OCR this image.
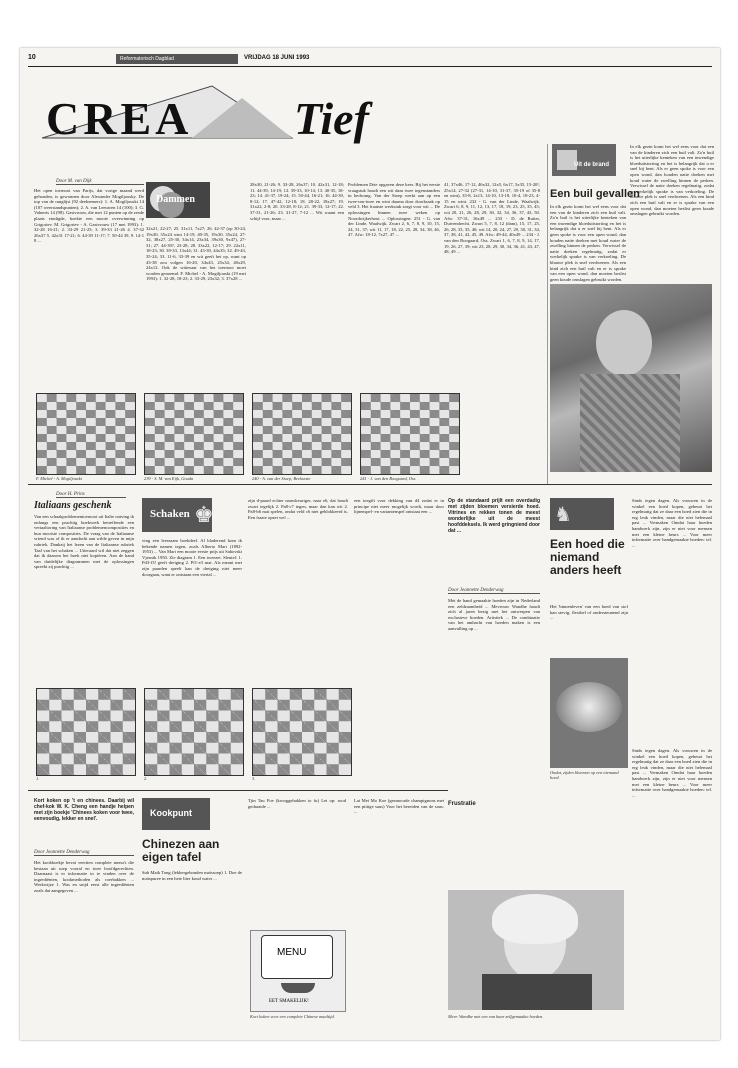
10	Reformatorisch Dagblad	VRIJDAG 18 JUNI 1993
CREA Tief
Door M. van Dijk
Het open toernooi van Parijs, dat vorige maand werd gehouden, is gewonnen door Alexander Mogiljousky. De top van de ranglijst (92 deelnemers): 1. A. Mogiljouski 14 (107 weerstandspunten); 2. A. van Leeuwen 14 (100); 3. G. Valneris 14 (98). Gastvrouw, die met 12 punten op de zesde plaats eindigde, boekte een mooie overwinning op Grigoriev. M. Grigoriev - A. Gastvrouw (17 mei 1993): 1. 32-28 16-21; 2. 33-29 21-25; 3. 39-33 21-26 4. 37-32 26x37 5. 42x31 17-21; 6. 44-39 11-17; 7. 50-44 39, 9. 14-1 8 ...
Dammen
32x21, 22-27; 25. 31x11, 7x27; 26. 42-37 (op 30-24, 19x30, 35x24 wint 14-19, 40-35, 19x30, 35x24, 27-32, 38x27, 25-30, 34x14, 23x34, 39x30, 9x47), 27-31; 27. 44-39?, 23-28; 28. 33x22, 12-17; 29. 22x11, 18-23; 30. 39-33, 13x44; 31. 43-39, 44x35; 32. 49-43, 35-24; 33. 11-6, 33-39 en wit geeft het op, want op 43-38 zou volgen 16-20, 34x43, 25x34, 40x29, 24x12. Ook de wittesaar van het toernooi moet worden genoemd. F. Michel - A. Mogiljouski (19 mei 1993): 1. 32-28, 18-23; 2. 33-29, 23x32; 3. 37x28 ...
28x30, 21-26; 9. 33-28, 26x37; 10. 42x31, 12-18; 11. 44-39, 14-19; 12. 39-33, 10-14; 13. 40-35, 18-23; 14. 41-37, 19-24; 15. 50-44, 16-21; 16. 44-39, 8-12; 17. 47-42, 12-18; 18. 28-22, 18x27; 19. 31x22, 2-8; 20. 33-28, 8-12; 21. 39-33, 12-17; 22. 37-31, 21-26; 23. 31-27, 7-12 ... Wit waant een schijf voor, maar ...
Problemen Drie opgaven deze keer. Bij het eerste vraagstuk houdt een wit dam twee tegenstanders in bedwang. Van der Stoep werkt aan op een twee-om-twee en wint daarna door doorbraak op veld 3. Het fraaiste werkstuk zorgt voor wit ... De oplossingen binnen twee weken op Noordwijkerhout ... Oplossingen: 251 - G. van der Linde, Waalwijk. Zwart 2, 6, 7, 8, 9, 10, 15, 24, 31, 37; wit 11, 17, 18, 22, 25, 28, 34, 38, 46, 47. Afw: 18-12, 7x27, 47 ...
41, 37x46, 17-12, 46x32, 12x5, 6x17, 5x35, 15-20!, 25x14, 27-32 (27-31, 14-10, 31-37, 35-19 of 35-8 en wint), 35-8, 2x13, 14-10, 13-18, 10-4, 18-23, 4-15 en wint. 232 - G. van der Linde, Waalwijk. Zwart 6, 8, 9, 11, 12, 13, 17, 18, 19, 23, 25, 35, 45; wit 20, 21, 26, 28, 29, 30, 32, 34, 36, 37, 43, 50. Afw: 37-31, 16x49 ... 233 - D. de Ruiter, Duivendrecht. Zwart 5, 7, 8, 12 (dam), 15, 17, 25, 26, 28, 33, 35, 40; wit 14, 20, 24, 27, 29, 30, 31, 34, 37, 38, 41, 42, 45, 49. Afw: 49-44, 40x49 ... 234 - J. van den Boogaard, Oss. Zwart 1, 6, 7, 8, 9, 14, 17, 19, 26, 27, 39; wit 23, 28, 29, 30, 34, 36, 41, 43, 47, 48, 49 ...
F. Michel - A. Mogiljouski	239 - S. M. van Eijk, Gouda	240 - A. van der Stoep, Beekseste	241 - J. van den Boogaard, Oss
Uit de brand
Een buil gevallen
In elk gezin komt het wel eens voor dat een van de kinderen zich een buil valt. Zo'n buil is het uiterlijke kenteken van een inwendige bloeduitstorting en het is belangrijk dat u er snel bij bent. Als er geen spoke is voor een open wond, dan houden natte doeken met koud water de zwelling binnen de perken. Verwissel de natte doeken regelmatig, zodat er werkelijk sprake is van verkoeling. De blauwe plek is snel verdwenen. Als een kind zich een buil valt en er is sprake van een open wond, dan moeten beslist geen koude omslagen gebruikt worden.
In elk gezin komt het wel eens voor dat een van de kinderen zich een buil valt. Zo'n buil is het uiterlijke kenteken van een inwendige bloeduitstorting en het is belangrijk dat u er snel bij bent. Als er geen spoke is voor een open wond, dan houden natte doeken met koud water de zwelling binnen de perken. Verwissel de natte doeken regelmatig, zodat er werkelijk sprake is van verkoeling. De blauwe plek is snel verdwenen. Als een kind zich een buil valt en er is sprake van een open wond, dan moeten beslist geen koude omslagen gebruikt worden.
Door H. Prins
Italiaans geschenk
Van een schaakproblementoernooi uit Italie ontving ik onlangs een prachtig boekwerk betreffende een vertaaltoring van Italiaanse problemencomposities en hun mooiste composities. De vraag van de Italiaanse vriend was of ik er aandacht aan wilde geven in mijn rubriek. Dankzij het lezen van de Italiaanse rubriek Taal van het schaken ... Uiteraard wil dat niet zeggen dat ik daarom het boek niet kopiëren. Aan de hand van duidelijke diagrammen met de oplossingen spreekt zij prachtig ...
Schaken ♚
ving een leerzaam boekdeel. Al bladerend kom ik bekende namen tegen, zoals Alberto Mari (1892-1953) ... Van Mari een mooie eerste prijs uit Sahovski Vjesnik 1950. Zie diagram 1. Een tweezet. Sleutel: 1. Pd3-f3! geeft dreiging 2. Pf1-e3 mat. Als meant met zijn paarden speelt kan de dreiging niet meer doorgaan, want er ontstaan een viertal ...
zijn d-paard echter nauwkeuriger, naar e6, dat houdt zwart tegelijk 2. Pa8-c7 tegen, maar dan kan wit 2. Pa8-b6 mat spelen, ondat veld c6 niet geblokkeerd is. Een fraaie opzet wel ...
een toegift voor dekking van d4 zodat er in principe niet meer mogelijk wordt, maar door lijnenspel- en variantenspel ontstaat een ...
1.	2.	3.
Op de standaard prijlt een overdadig met zijden bloemen versierde hoed. Vitrines en rekken tonen de meest wonderlijke uit de meest hoofddeksels. Ik werd gringniend door dat ...
Door Jeannette Denderwag
Met de hand gemaakte hoeden zijn in Nederland een zeldzaamheid ... Mevrouw Wandhe houdt zich al jaren bezig met het ontwerpen van exclusieve hoeden. Artistiek ... De combinatie van het ambacht van hoeden maken is een aanvulling op ...
♞
Een hoed die niemand anders heeft
Het 'binnenleven' van een hoed van stof kan stevig, flexibel of ondersteunend zijn ...
Sinds tegen dagen. Als vrouwen in de winkel een hoed kopen, gebeurt het regelmatig dat ze daar een hoed zien die in erg leuk vinden, maar die niet helemaal past ... Vermaken Omdat haar hoeden handwerk zijn, zijn er niet voor mensen met een kleine beurs ... Voor meer informatie over handgemaakte hoeden: tel. ...
Ondat, zijden bloemen op een niemand hoed.
Kort koken op 't en chinees. Daarbij wil chef-kok W. K. Cheng een handje helpen met zijn boekje 'Chinees koken voor twee, eenvoudig, lekker en snel'.
Door Jeannette Denderwag
Het kookboekje bevat veertien complete menu's die bestaan uit soep vooraf en twee hoofdgerechten. Daarnaast is er informatie in te vinden over de ingrediënten, kookmethoden als roerbakken ... Werkwijze 1. Was en snijd eerst alle ingrediënten zoals dat aangegeven ...
Kookpunt
Chinezen aan eigen tafel
Sub Maik Tong (lekkergebonden maïssoep) 1. Doe de maïspuree in een hete liter koud water ...
Tjin Tau Foe (krooggehakken to fu) Let op: rood gedraaide ...
MENU
EET SMAKELIJK!
Kort koken voor een complete Chinese maaltijd.
Lai Mei Mo Koe (gesmoorde champignons met een pittige saus) Voor het bereiden van de saus: ...
Frustratie
Mevr. Wandhe met een van haar zelfgemaakte hoeden.
Sinds tegen dagen. Als vrouwen in de winkel een hoed kopen, gebeurt het regelmatig dat ze daar een hoed zien die in erg leuk vinden, maar die niet helemaal past ... Vermaken Omdat haar hoeden handwerk zijn, zijn er niet voor mensen met een kleine beurs ... Voor meer informatie over handgemaakte hoeden: tel. ...
